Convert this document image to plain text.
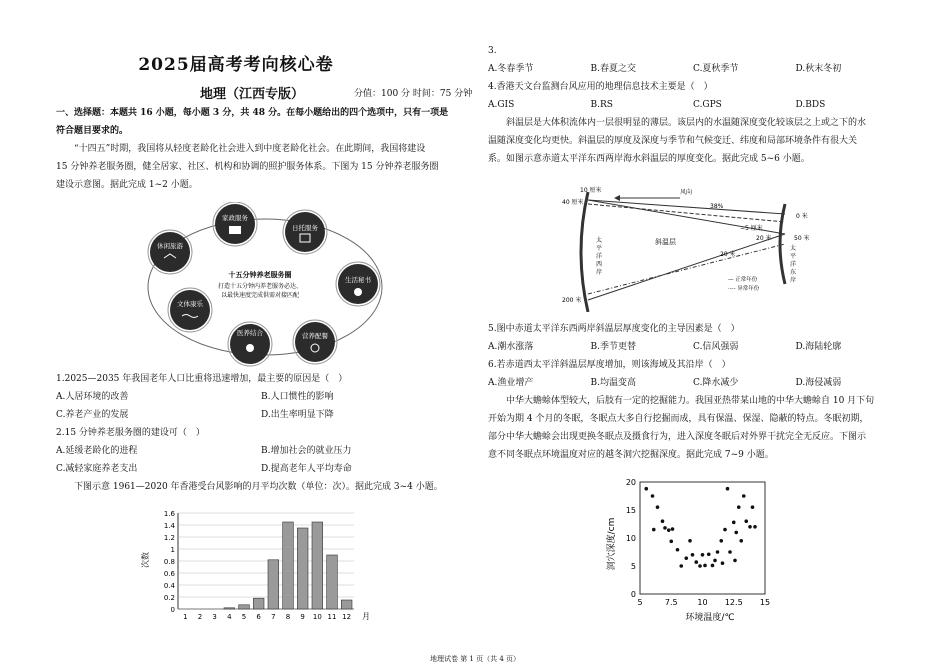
2025届高考考向核心卷
地理（江西专版）	分值：100 分 时间：75 分钟

一、选择题：本题共 16 小题，每小题 3 分，共 48 分。在每小题给出的四个选项中，只有一项是

符合题目要求的。

“十四五”时期，我国将从轻度老龄化社会进入到中度老龄化社会。在此期间，我国将建设

15 分钟养老服务圈，健全居家、社区、机构和协调的照护服务体系。下图为 15 分钟养老服务圈

建设示意图。据此完成 1~2 小题。

十五分钟养老服务圈
打造十五分钟内养老服务必达、
以最快速度完成供需对接匹配
家政服务
日托服务
生活秘书
营养配餐
医养结合
文体康乐
休闲旅游

1.2025—2035 年我国老年人口比重将迅速增加，最主要的原因是（　）

A.人居环境的改善	B.人口惯性的影响
C.养老产业的发展	D.出生率明显下降

2.15 分钟养老服务圈的建设可（　）

A.延缓老龄化的进程	B.增加社会的就业压力
C.减轻家庭养老支出	D.提高老年人平均寿命

下图示意 1961—2020 年香港受台风影响的月平均次数（单位：次）。据此完成 3~4 小题。

次数
月
0
0.2
0.4
0.6
0.8
1
1.2
1.4
1.6
1 2 3 4 5 6 7 8 9 10 11 12

3.

A.冬春季节	B.春夏之交	C.夏秋季节	D.秋末冬初

4.香港天文台监测台风应用的地理信息技术主要是（　）

A.GIS	B.RS	C.GPS	D.BDS

斜温层是大体积流体内一层很明显的薄层。该层内的水温随深度变化较该层之上或之下的水

温随深度变化均更快。斜温层的厚度及深度与季节和气候变迁、纬度和局部环境条件有很大关

系。如图示意赤道太平洋东西两岸海水斜温层的厚度变化。据此完成 5~6 小题。

10 厘米
40 厘米
0 米
−5 厘米
20 米
20 米
50 米
200 米
风向
38%
斜温层
太
平
洋
西
岸
太
平
洋
东
岸
— 正常年份
·-·- 异常年份

5.图中赤道太平洋东西两岸斜温层厚度变化的主导因素是（　）

A.潮水涨落	B.季节更替	C.信风强弱	D.海陆轮廓

6.若赤道西太平洋斜温层厚度增加，则该海域及其沿岸（　）

A.渔业增产	B.均温变高	C.降水减少	D.海侵减弱

中华大蟾蜍体型较大，后肢有一定的挖掘能力。我国亚热带某山地的中华大蟾蜍自 10 月下旬

开始为期 4 个月的冬眠，冬眠点大多自行挖掘而成，具有保温、保湿、隐蔽的特点。冬眠初期，

部分中华大蟾蜍会出现更换冬眠点及摄食行为，进入深度冬眠后对外界干扰完全无反应。下图示

意不同冬眠点环境温度对应的越冬洞穴挖掘深度。据此完成 7~9 小题。

洞穴深度/cm
环境温度/℃
0
5
10
15
20
5	7.5 10 12.5 15
地理试卷 第 1 页（共 4 页）
